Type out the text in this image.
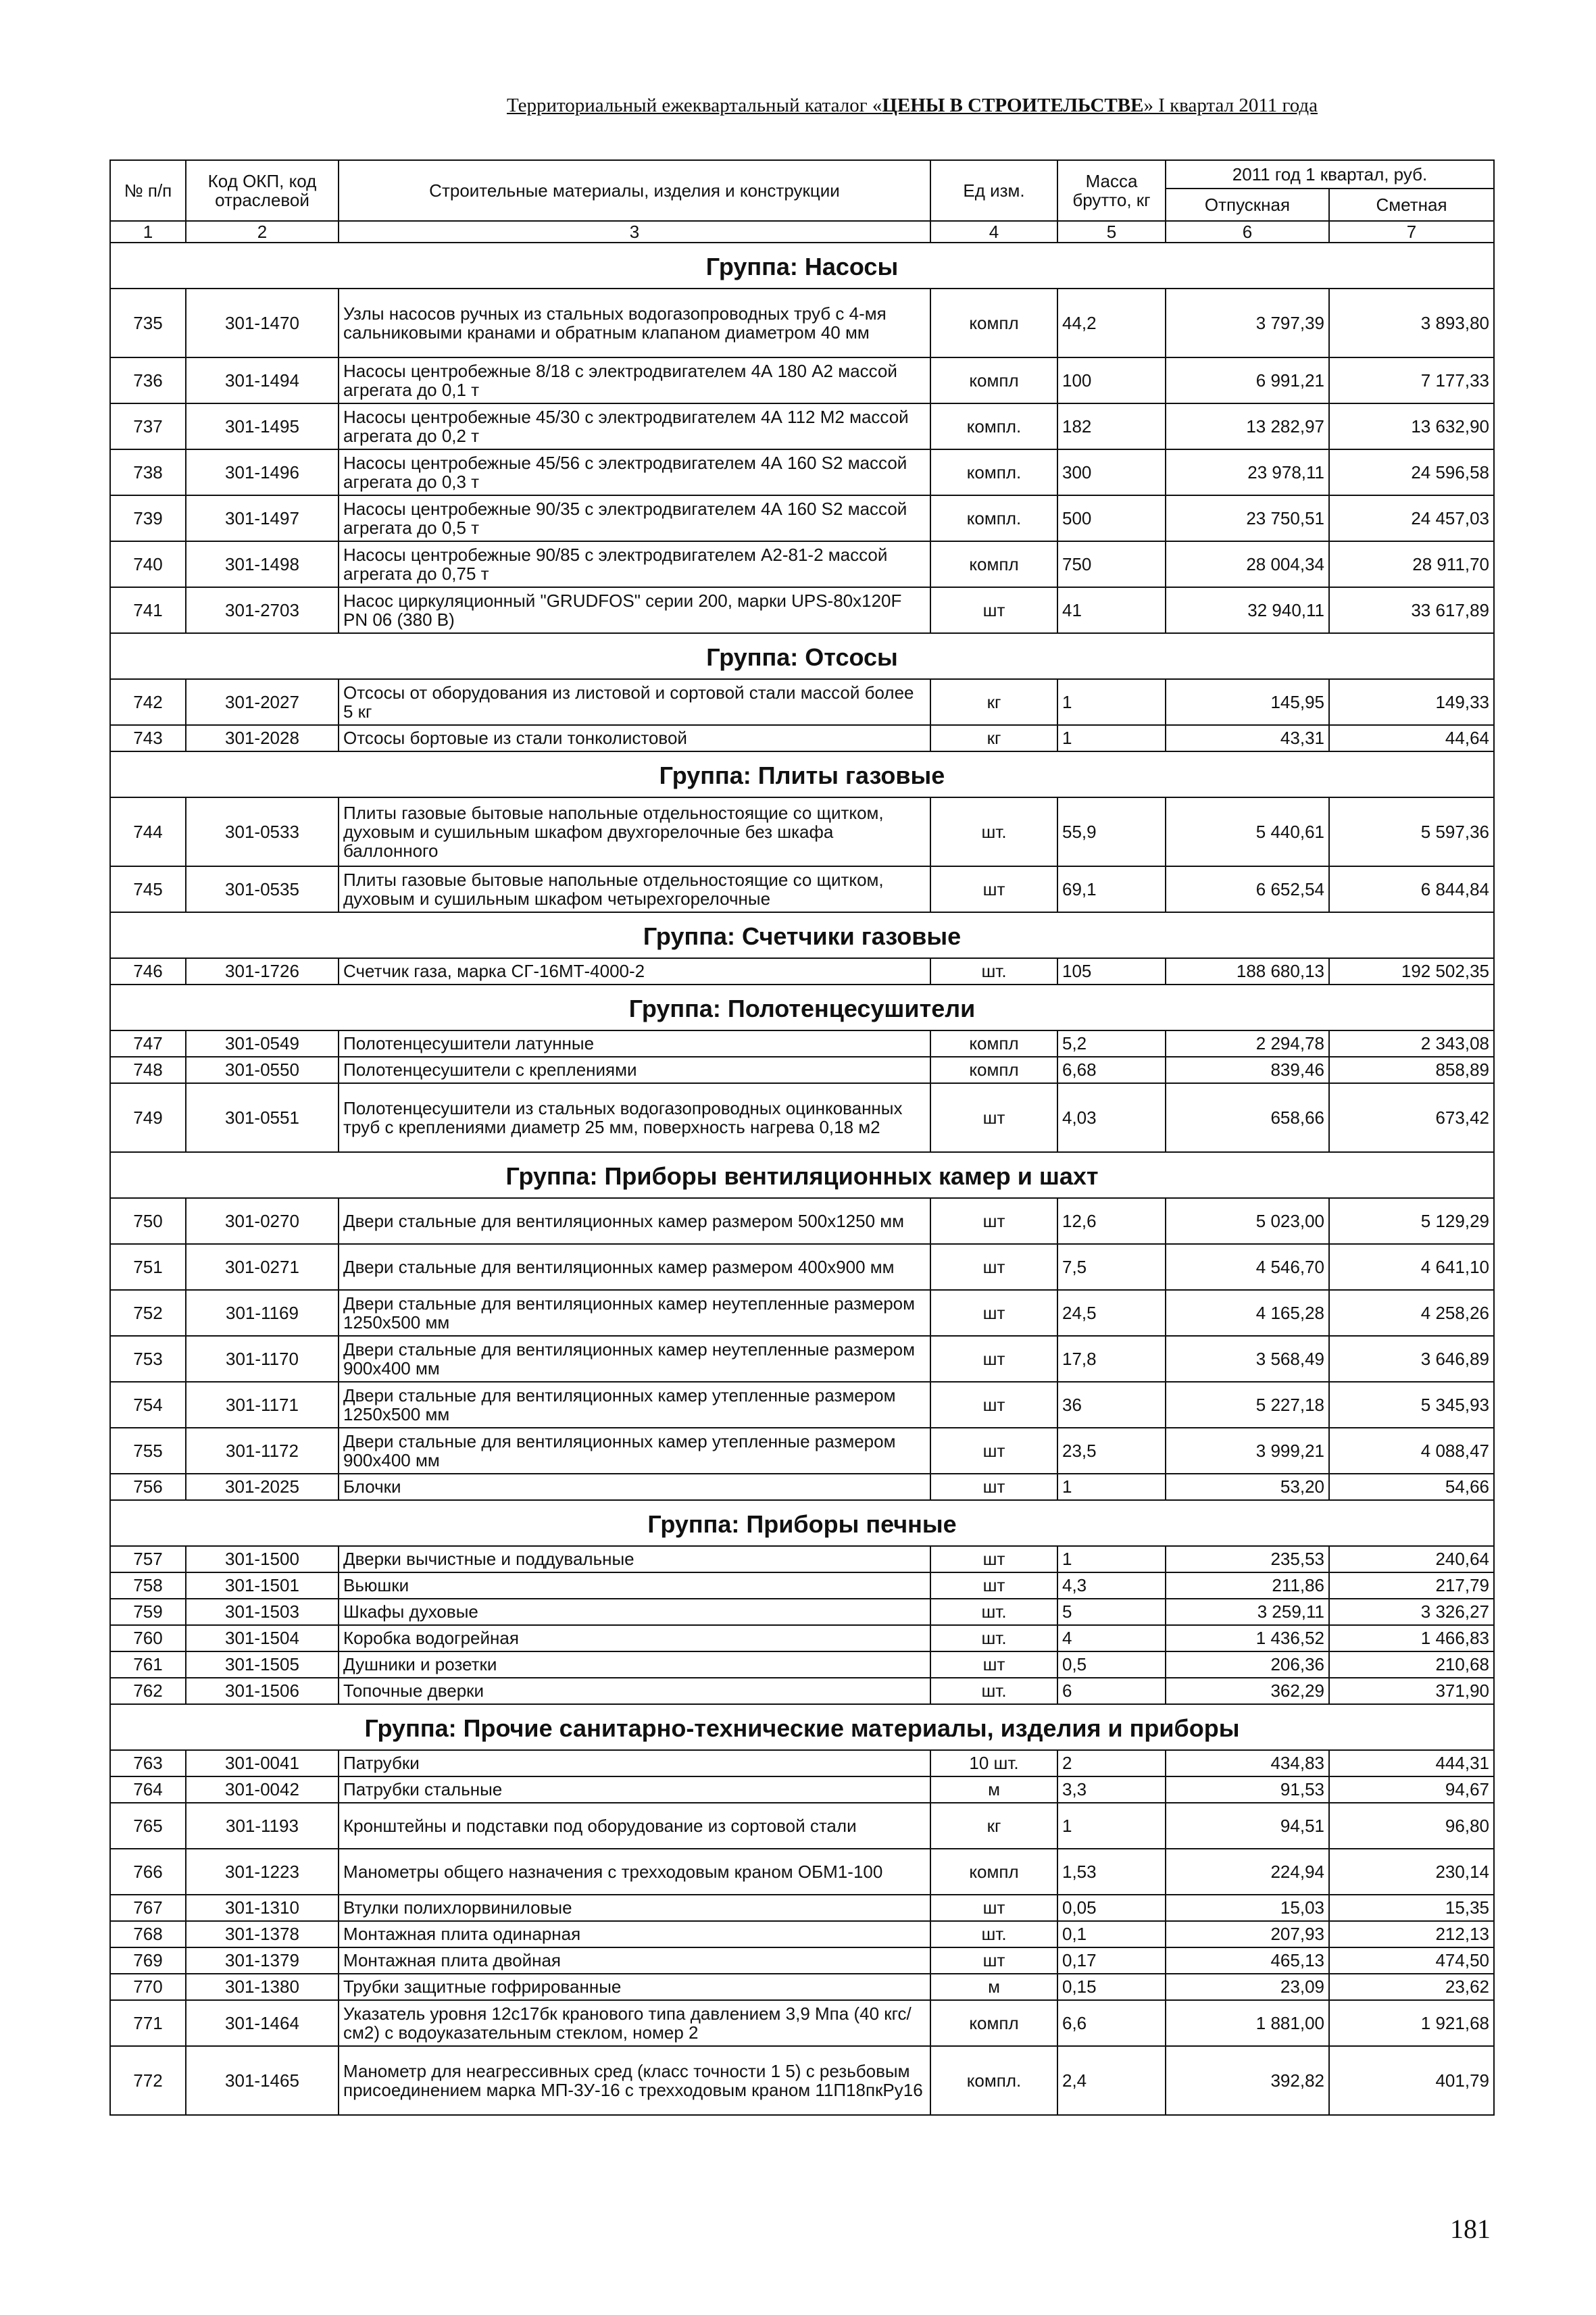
Территориальный ежеквартальный каталог «ЦЕНЫ В СТРОИТЕЛЬСТВЕ» I квартал 2011 года
№ п/п	Код ОКП, код отраслевой	Строительные материалы, изделия и конструкции	Ед изм.	Масса брутто, кг	2011 год 1 квартал, руб.	
					Отпускная	Сметная
1	2	3	4	5	6	7
Группа: Насосы						
735	301-1470	Узлы насосов ручных из стальных водогазопроводных труб с 4-мя сальниковыми кранами и обратным клапаном диаметром 40 мм	компл	44,2	3 797,39	3 893,80
736	301-1494	Насосы центробежные 8/18 с электродвигателем 4А 180 А2 массой агрегата до 0,1 т	компл	100	6 991,21	7 177,33
737	301-1495	Насосы центробежные 45/30 с электродвигателем 4А 112 М2 массой агрегата до 0,2 т	компл.	182	13 282,97	13 632,90
738	301-1496	Насосы центробежные 45/56 с электродвигателем 4А 160 S2 массой агрегата до 0,3 т	компл.	300	23 978,11	24 596,58
739	301-1497	Насосы центробежные 90/35 с электродвигателем 4А 160 S2 массой агрегата до 0,5 т	компл.	500	23 750,51	24 457,03
740	301-1498	Насосы центробежные 90/85 с электродвигателем А2-81-2 массой агрегата до 0,75 т	компл	750	28 004,34	28 911,70
741	301-2703	Насос циркуляционный "GRUDFOS" серии 200, марки UPS-80х120F PN 06 (380 В)	шт	41	32 940,11	33 617,89
Группа: Отсосы						
742	301-2027	Отсосы от оборудования из листовой и сортовой стали массой более 5 кг	кг	1	145,95	149,33
743	301-2028	Отсосы бортовые из стали тонколистовой	кг	1	43,31	44,64
Группа: Плиты газовые						
744	301-0533	Плиты газовые бытовые напольные отдельностоящие со щитком, духовым и сушильным шкафом двухгорелочные без шкафа баллонного	шт.	55,9	5 440,61	5 597,36
745	301-0535	Плиты газовые бытовые напольные отдельностоящие со щитком, духовым и сушильным шкафом четырехгорелочные	шт	69,1	6 652,54	6 844,84
Группа: Счетчики газовые						
746	301-1726	Счетчик газа, марка СГ-16МТ-4000-2	шт.	105	188 680,13	192 502,35
Группа: Полотенцесушители						
747	301-0549	Полотенцесушители латунные	компл	5,2	2 294,78	2 343,08
748	301-0550	Полотенцесушители с креплениями	компл	6,68	839,46	858,89
749	301-0551	Полотенцесушители из стальных водогазопроводных оцинкованных труб с креплениями диаметр 25 мм, поверхность нагрева 0,18 м2	шт	4,03	658,66	673,42
Группа: Приборы вентиляционных камер и шахт						
750	301-0270	Двери стальные для вентиляционных камер размером 500х1250 мм	шт	12,6	5 023,00	5 129,29
751	301-0271	Двери стальные для вентиляционных камер размером 400х900 мм	шт	7,5	4 546,70	4 641,10
752	301-1169	Двери стальные для вентиляционных камер неутепленные размером 1250х500 мм	шт	24,5	4 165,28	4 258,26
753	301-1170	Двери стальные для вентиляционных камер неутепленные размером 900х400 мм	шт	17,8	3 568,49	3 646,89
754	301-1171	Двери стальные для вентиляционных камер утепленные размером 1250х500 мм	шт	36	5 227,18	5 345,93
755	301-1172	Двери стальные для вентиляционных камер утепленные размером 900х400 мм	шт	23,5	3 999,21	4 088,47
756	301-2025	Блочки	шт	1	53,20	54,66
Группа: Приборы печные						
757	301-1500	Дверки вычистные и поддувальные	шт	1	235,53	240,64
758	301-1501	Вьюшки	шт	4,3	211,86	217,79
759	301-1503	Шкафы духовые	шт.	5	3 259,11	3 326,27
760	301-1504	Коробка водогрейная	шт.	4	1 436,52	1 466,83
761	301-1505	Душники и розетки	шт	0,5	206,36	210,68
762	301-1506	Топочные дверки	шт.	6	362,29	371,90
Группа: Прочие санитарно-технические материалы, изделия и приборы						
763	301-0041	Патрубки	10 шт.	2	434,83	444,31
764	301-0042	Патрубки стальные	м	3,3	91,53	94,67
765	301-1193	Кронштейны и подставки под оборудование из сортовой стали	кг	1	94,51	96,80
766	301-1223	Манометры общего назначения с трехходовым краном ОБМ1-100	компл	1,53	224,94	230,14
767	301-1310	Втулки полихлорвиниловые	шт	0,05	15,03	15,35
768	301-1378	Монтажная плита одинарная	шт.	0,1	207,93	212,13
769	301-1379	Монтажная плита двойная	шт	0,17	465,13	474,50
770	301-1380	Трубки защитные гофрированные	м	0,15	23,09	23,62
771	301-1464	Указатель уровня 12с17бк кранового типа давлением 3,9 Мпа (40 кгс/см2) с водоуказательным стеклом, номер 2	компл	6,6	1 881,00	1 921,68
772	301-1465	Манометр для неагрессивных сред (класс точности 1 5) с резьбовым присоединением марка МП-3У-16 с трехходовым краном 11П18пкРу16	компл.	2,4	392,82	401,79
181
